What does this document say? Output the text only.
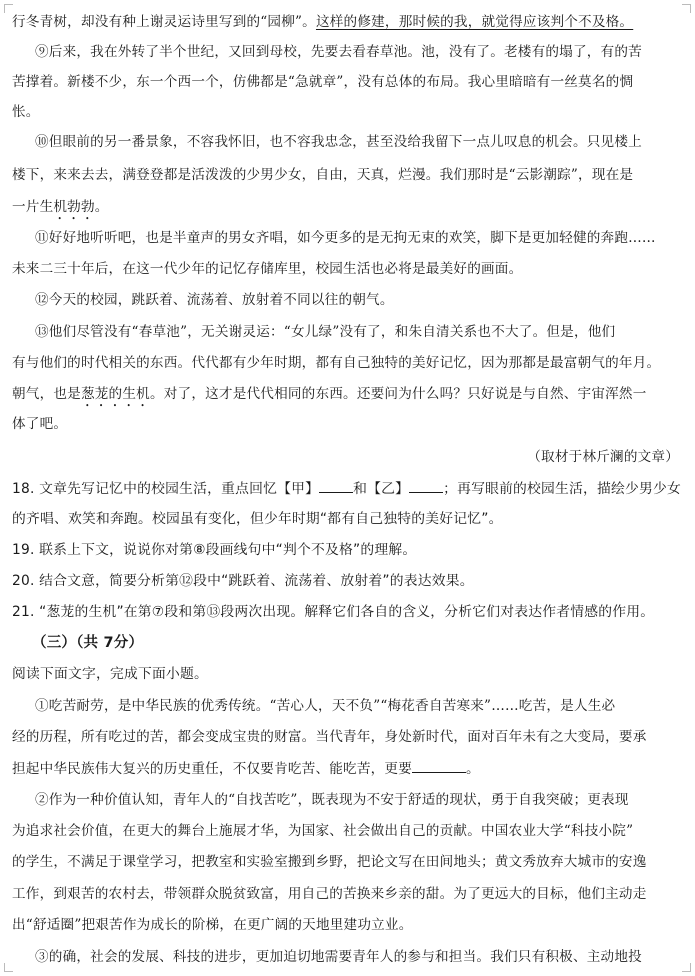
行冬青树，却没有种上谢灵运诗里写到的“园柳”。这样的修建，那时候的我，就觉得应该判个不及格。
⑨后来，我在外转了半个世纪，又回到母校，先要去看春草池。池，没有了。老楼有的塌了，有的苦
苦撑着。新楼不少，东一个西一个，仿佛都是“急就章”，没有总体的布局。我心里暗暗有一丝莫名的惆
怅。
⑩但眼前的另一番景象，不容我怀旧，也不容我忠念，甚至没给我留下一点儿叹息的机会。只见楼上
楼下，来来去去，满登登都是活泼泼的少男少女，自由，天真，烂漫。我们那时是“云影潮踪”，现在是
一片生机勃勃。
⑪好好地听听吧，也是半童声的男女齐唱，如今更多的是无拘无束的欢笑，脚下是更加轻健的奔跑……
未来二三十年后，在这一代少年的记忆存储库里，校园生活也必将是最美好的画面。
⑫今天的校园，跳跃着、流荡着、放射着不同以往的朝气。
⑬他们尽管没有“春草池”，无关谢灵运：“女儿绿”没有了，和朱自清关系也不大了。但是，他们
有与他们的时代相关的东西。代代都有少年时期，都有自己独特的美好记忆，因为那都是最富朝气的年月。
朝气，也是葱茏的生机。对了，这才是代代相同的东西。还要问为什么吗？只好说是与自然、宇宙浑然一
体了吧。
（取材于林斤澜的文章）
18. 文章先写记忆中的校园生活，重点回忆【甲】 和【乙】 ；再写眼前的校园生活，描绘少男少女
的齐唱、欢笑和奔跑。校园虽有变化，但少年时期“都有自己独特的美好记忆”。
19. 联系上下文，说说你对第⑧段画线句中“判个不及格”的理解。
20. 结合文意，简要分析第⑫段中“跳跃着、流荡着、放射着”的表达效果。
21. “葱茏的生机”在第⑦段和第⑬段两次出现。解释它们各自的含义，分析它们对表达作者情感的作用。
（三）（共 7分）
阅读下面文字，完成下面小题。
①吃苦耐劳，是中华民族的优秀传统。“苦心人，天不负”“梅花香自苦寒来”……吃苦，是人生必
经的历程，所有吃过的苦，都会变成宝贵的财富。当代青年，身处新时代，面对百年未有之大变局，要承
担起中华民族伟大复兴的历史重任，不仅要肯吃苦、能吃苦，更要	。
②作为一种价值认知，青年人的“自找苦吃”，既表现为不安于舒适的现状，勇于自我突破；更表现
为追求社会价值，在更大的舞台上施展才华，为国家、社会做出自己的贡献。中国农业大学“科技小院”
的学生，不满足于课堂学习，把教室和实验室搬到乡野，把论文写在田间地头；黄文秀放弃大城市的安逸
工作，到艰苦的农村去，带领群众脱贫致富，用自己的苦换来乡亲的甜。为了更远大的目标，他们主动走
出“舒适圈”把艰苦作为成长的阶梯，在更广阔的天地里建功立业。
③的确，社会的发展、科技的进步，更加迫切地需要青年人的参与和担当。我们只有积极、主动地投
